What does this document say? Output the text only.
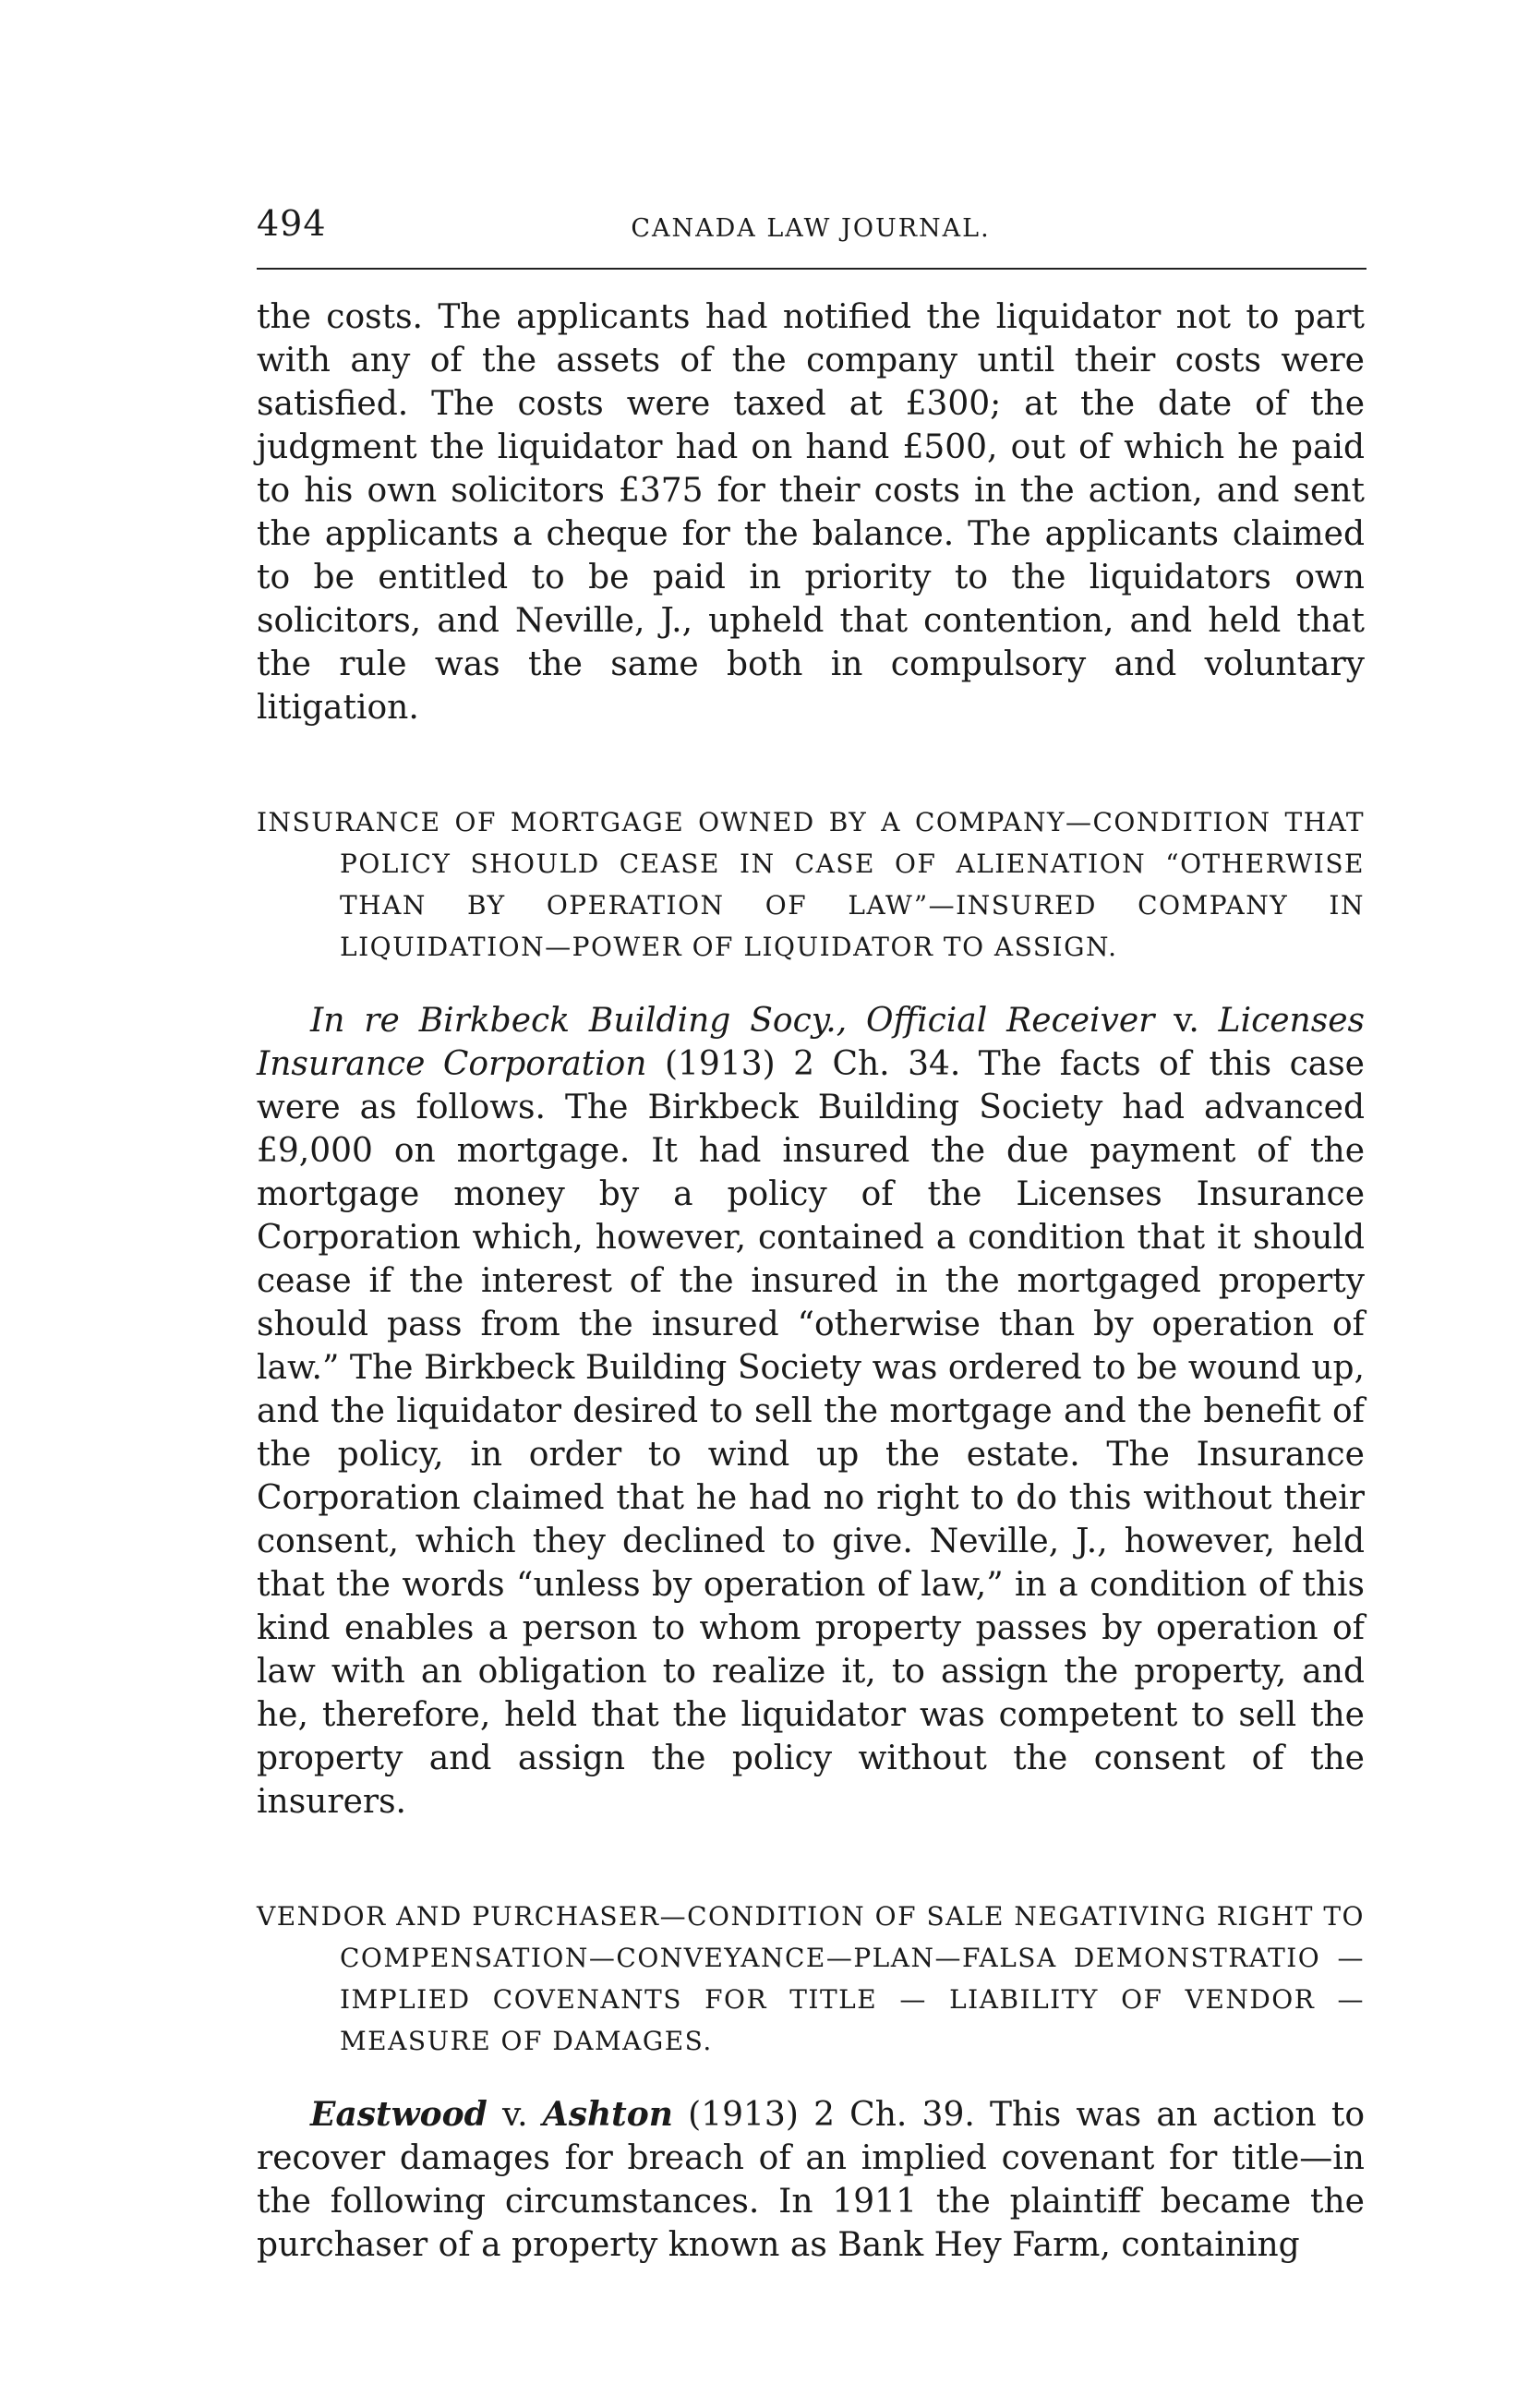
494	CANADA LAW JOURNAL.

the costs. The applicants had notified the liquidator not to part with any of the assets of the company until their costs were satisfied. The costs were taxed at £300; at the date of the judgment the liquidator had on hand £500, out of which he paid to his own solicitors £375 for their costs in the action, and sent the applicants a cheque for the balance. The applicants claimed to be entitled to be paid in priority to the liquidators own solicitors, and Neville, J., upheld that contention, and held that the rule was the same both in compulsory and voluntary litigation.

INSURANCE OF MORTGAGE OWNED BY A COMPANY—CONDITION THAT POLICY SHOULD CEASE IN CASE OF ALIENATION “OTHERWISE THAN BY OPERATION OF LAW”—INSURED COMPANY IN LIQUIDATION—POWER OF LIQUIDATOR TO ASSIGN.

In re Birkbeck Building Socy., Official Receiver v. Licenses Insurance Corporation (1913) 2 Ch. 34. The facts of this case were as follows. The Birkbeck Building Society had advanced £9,000 on mortgage. It had insured the due payment of the mortgage money by a policy of the Licenses Insurance Corporation which, however, contained a condition that it should cease if the interest of the insured in the mortgaged property should pass from the insured “otherwise than by operation of law.” The Birkbeck Building Society was ordered to be wound up, and the liquidator desired to sell the mortgage and the benefit of the policy, in order to wind up the estate. The Insurance Corporation claimed that he had no right to do this without their consent, which they declined to give. Neville, J., however, held that the words “unless by operation of law,” in a condition of this kind enables a person to whom property passes by operation of law with an obligation to realize it, to assign the property, and he, therefore, held that the liquidator was competent to sell the property and assign the policy without the consent of the insurers.

VENDOR AND PURCHASER—CONDITION OF SALE NEGATIVING RIGHT TO COMPENSATION—CONVEYANCE—PLAN—FALSA DEMONSTRATIO —IMPLIED COVENANTS FOR TITLE — LIABILITY OF VENDOR — MEASURE OF DAMAGES.

Eastwood v. Ashton (1913) 2 Ch. 39. This was an action to recover damages for breach of an implied covenant for title—in the following circumstances. In 1911 the plaintiff became the purchaser of a property known as Bank Hey Farm, containing
